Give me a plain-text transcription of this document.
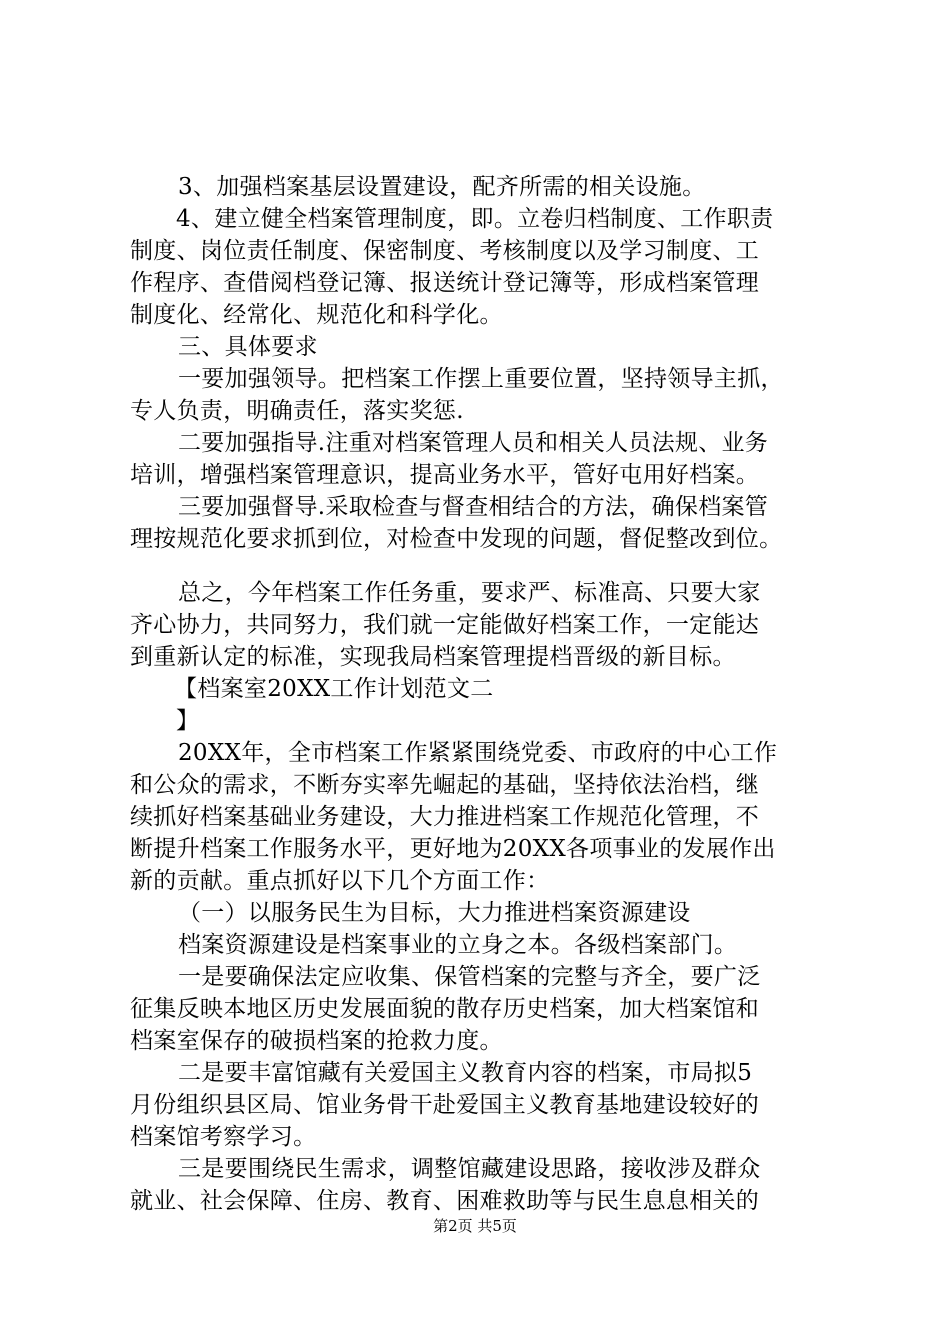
3、加强档案基层设置建设，配齐所需的相关设施。
4、建立健全档案管理制度，即。立卷归档制度、工作职责
制度、岗位责任制度、保密制度、考核制度以及学习制度、工
作程序、查借阅档登记簿、报送统计登记簿等，形成档案管理
制度化、经常化、规范化和科学化。
三、具体要求
一要加强领导。把档案工作摆上重要位置，坚持领导主抓，
专人负责，明确责任，落实奖惩.
二要加强指导.注重对档案管理人员和相关人员法规、业务
培训，增强档案管理意识，提高业务水平，管好屯用好档案。
三要加强督导.采取检查与督查相结合的方法，确保档案管
理按规范化要求抓到位，对检查中发现的问题，督促整改到位。
总之，今年档案工作任务重，要求严、标准高、只要大家
齐心协力，共同努力，我们就一定能做好档案工作，一定能达
到重新认定的标准，实现我局档案管理提档晋级的新目标。
【档案室20XX工作计划范文二
】
20XX年，全市档案工作紧紧围绕党委、市政府的中心工作
和公众的需求，不断夯实率先崛起的基础，坚持依法治档，继
续抓好档案基础业务建设，大力推进档案工作规范化管理，不
断提升档案工作服务水平，更好地为20XX各项事业的发展作出
新的贡献。重点抓好以下几个方面工作：
（一）以服务民生为目标，大力推进档案资源建设
档案资源建设是档案事业的立身之本。各级档案部门。
一是要确保法定应收集、保管档案的完整与齐全，要广泛
征集反映本地区历史发展面貌的散存历史档案，加大档案馆和
档案室保存的破损档案的抢救力度。
二是要丰富馆藏有关爱国主义教育内容的档案，市局拟5
月份组织县区局、馆业务骨干赴爱国主义教育基地建设较好的
档案馆考察学习。
三是要围绕民生需求，调整馆藏建设思路，接收涉及群众
就业、社会保障、住房、教育、困难救助等与民生息息相关的
第2页 共5页
